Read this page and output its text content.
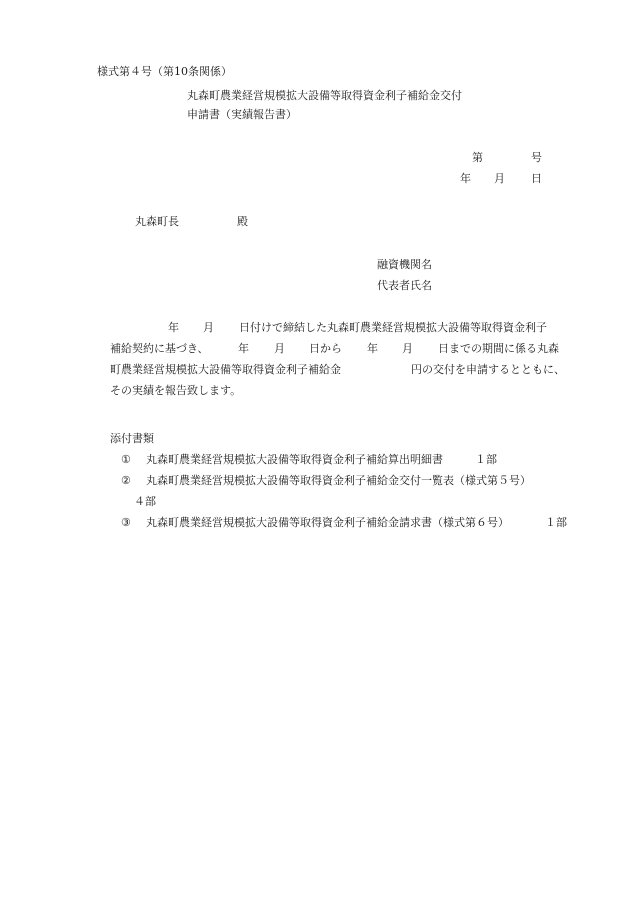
様式第４号（第10条関係）
丸森町農業経営規模拡大設備等取得資金利子補給金交付
申請書（実績報告書）
第	号
年 月 日
丸森町長	殿
融資機関名
代表者氏名
年 月 日付けで締結した丸森町農業経営規模拡大設備等取得資金利子
補給契約に基づき、	年 月 日から 年 月 日までの期間に係る丸森
町農業経営規模拡大設備等取得資金利子補給金	円の交付を申請するとともに、
その実績を報告致します。
添付書類
① 丸森町農業経営規模拡大設備等取得資金利子補給算出明細書	１部
② 丸森町農業経営規模拡大設備等取得資金利子補給金交付一覧表（様式第５号）
４部
③ 丸森町農業経営規模拡大設備等取得資金利子補給金請求書（様式第６号）	１部
